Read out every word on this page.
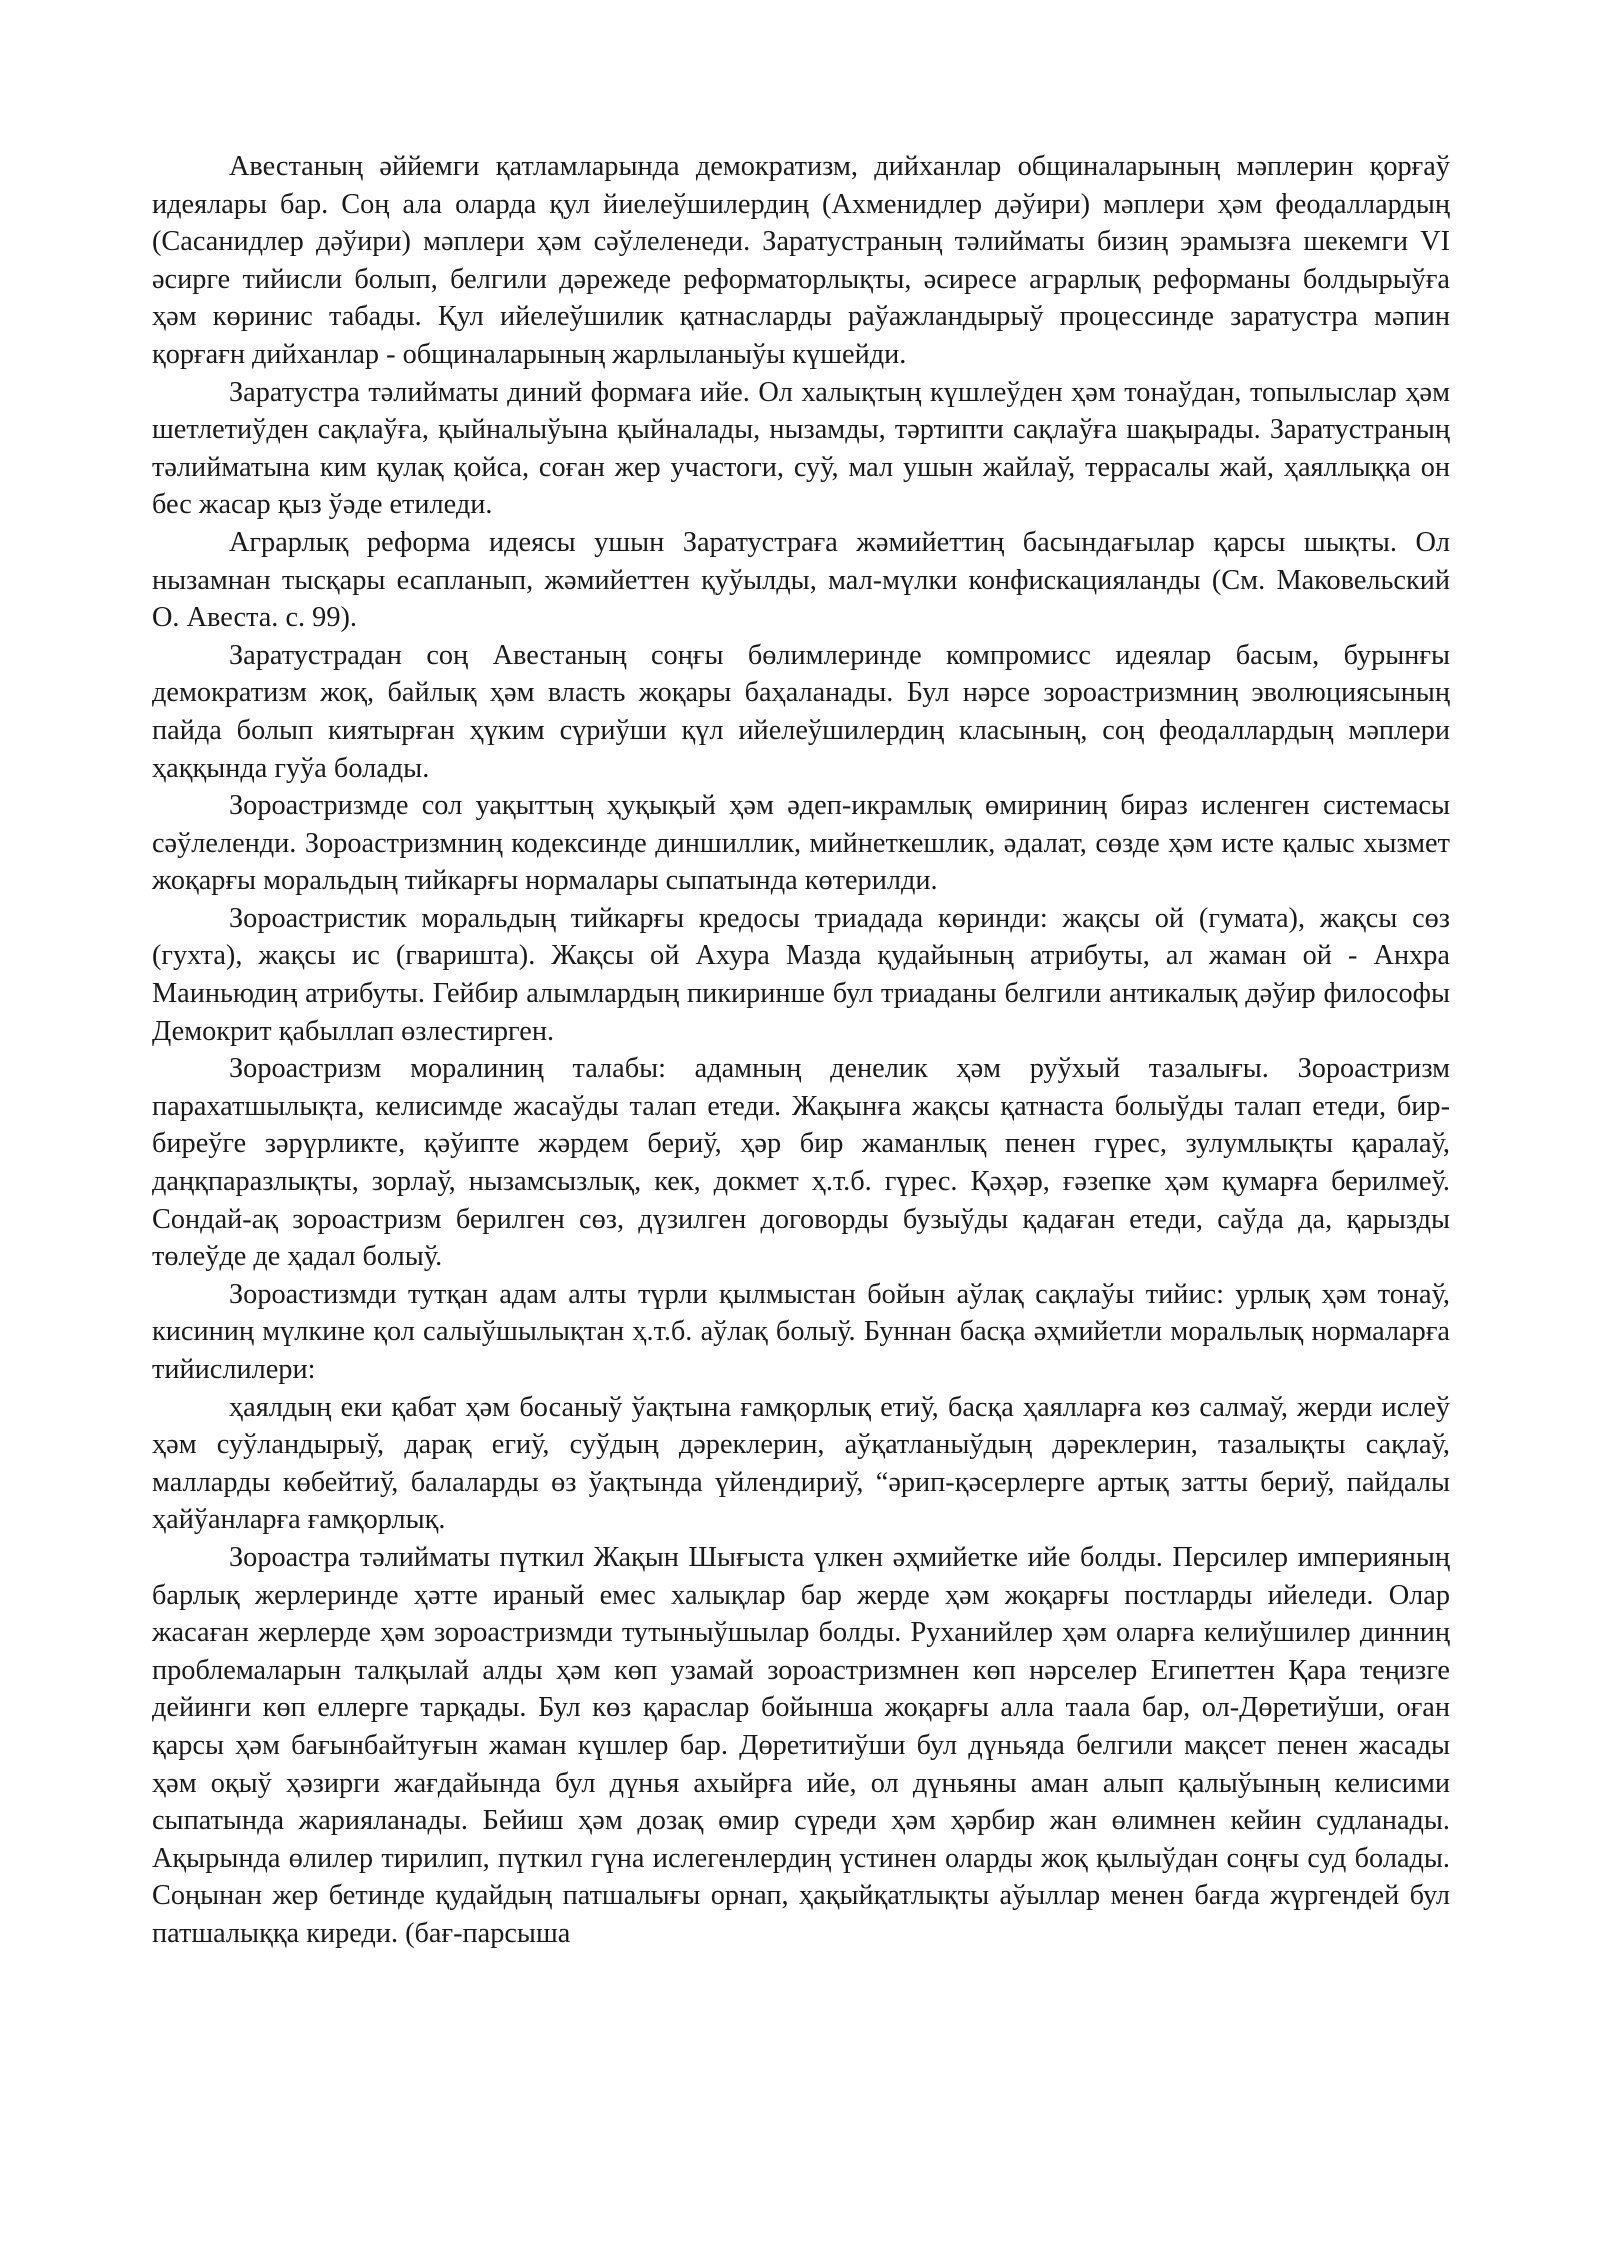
Авестаның әййемги қатламларында демократизм, дийханлар общиналарының мәплерин қорғаў идеялары бар. Соң ала оларда қул йиелеўшилердиң (Ахменидлер дәўири) мәплери ҳәм феодаллардың (Сасанидлер дәўири) мәплери ҳәм сәўлеленеди. Заратустраның тәлийматы бизиң эрамызға шекемги VI әсирге тийисли болып, белгили дәрежеде реформаторлықты, әсиресе аграрлық реформаны болдырыўға ҳәм көринис табады. Қул ийелеўшилик қатнасларды раўажландырыў процессинде заратустра мәпин қорғағн дийханлар - общиналарының жарлыланыўы күшейди.

Заратустра тәлийматы диний формаға ийе. Ол халықтың күшлеўден ҳәм тонаўдан, топылыслар ҳәм шетлетиўден сақлаўға, қыйналыўына қыйналады, нызамды, тәртипти сақлаўға шақырады. Заратустраның тәлийматына ким қулақ қойса, соған жер участоги, суў, мал ушын жайлаў, террасалы жай, ҳаяллыққа он бес жасар қыз ўәде етиледи.

Аграрлық реформа идеясы ушын Заратустраға жәмийеттиң басындағылар қарсы шықты. Ол нызамнан тысқары есапланып, жәмийеттен қуўылды, мал-мүлки конфискацияланды (См. Маковельский О. Авеста. с. 99).

Заратустрадан соң Авестаның соңғы бөлимлеринде компромисс идеялар басым, бурынғы демократизм жоқ, байлық ҳәм власть жоқары баҳаланады. Бул нәрсе зороастризмниң эволюциясының пайда болып киятырған ҳүким сүриўши қүл ийелеўшилердиң класының, соң феодаллардың мәплери ҳаққында гуўа болады.

Зороастризмде сол уақыттың ҳуқықый ҳәм әдеп-икрамлық өмириниң бираз исленген системасы сәўлеленди. Зороастризмниң кодексинде диншиллик, мийнеткешлик, әдалат, сөзде ҳәм исте қалыс хызмет жоқарғы моральдың тийкарғы нормалары сыпатында көтерилди.

Зороастристик моральдың тийкарғы кредосы триадада көринди: жақсы ой (гумата), жақсы сөз (гухта), жақсы ис (гваришта). Жақсы ой Ахура Мазда қудайының атрибуты, ал жаман ой - Анхра Маиньюдиң атрибуты. Гейбир алымлардың пикиринше бул триаданы белгили антикалық дәўир философы Демокрит қабыллап өзлестирген.

Зороастризм моралиниң талабы: адамның денелик ҳәм руўхый тазалығы. Зороастризм парахатшылықта, келисимде жасаўды талап етеди. Жақынға жақсы қатнаста болыўды талап етеди, бир-биреўге зәрүрликте, қәўипте жәрдем бериў, ҳәр бир жаманлық пенен гүрес, зулумлықты қаралаў, даңқпаразлықты, зорлаў, нызамсызлық, кек, докмет ҳ.т.б. гүрес. Қәҳәр, ғәзепке ҳәм қумарға берилмеў. Сондай-ақ зороастризм берилген сөз, дүзилген договорды бузыўды қадаған етеди, саўда да, қарызды төлеўде де ҳадал болыў.

Зороастизмди тутқан адам алты түрли қылмыстан бойын аўлақ сақлаўы тийис: урлық ҳәм тонаў, кисиниң мүлкине қол салыўшылықтан ҳ.т.б. аўлақ болыў. Буннан басқа әҳмийетли моральлық нормаларға тийислилери:

ҳаялдың еки қабат ҳәм босаныў ўақтына ғамқорлық етиў, басқа ҳаялларға көз салмаў, жерди ислеў ҳәм суўландырыў, дарақ егиў, суўдың дәреклерин, аўқатланыўдың дәреклерин, тазалықты сақлаў, малларды көбейтиў, балаларды өз ўақтында үйлендириў, “әрип-қәсерлерге артық затты бериў, пайдалы ҳайўанларға ғамқорлық.

Зороастра тәлийматы пүткил Жақын Шығыста үлкен әҳмийетке ийе болды. Персилер империяның барлық жерлеринде ҳәтте ираный емес халықлар бар жерде ҳәм жоқарғы постларды ийеледи. Олар жасаған жерлерде ҳәм зороастризмди тутыныўшылар болды. Руханийлер ҳәм оларға келиўшилер динниң проблемаларын талқылай алды ҳәм көп узамай зороастризмнен көп нәрселер Египеттен Қара теңизге дейинги көп еллерге тарқады. Бул көз қараслар бойынша жоқарғы алла таала бар, ол-Дөретиўши, оған қарсы ҳәм бағынбайтуғын жаман күшлер бар. Дөретитиўши бул дүньяда белгили мақсет пенен жасады ҳәм оқыў ҳәзирги жағдайында бул дүнья ахыйрға ийе, ол дүньяны аман алып қалыўының келисими сыпатында жарияланады. Бейиш ҳәм дозақ өмир сүреди ҳәм ҳәрбир жан өлимнен кейин судланады. Ақырында өлилер тирилип, пүткил гүна ислегенлердиң үстинен оларды жоқ қылыўдан соңғы суд болады. Соңынан жер бетинде қудайдың патшалығы орнап, ҳақыйқатлықты аўыллар менен бағда жүргендей бул патшалыққа киреди. (бағ-парсыша
